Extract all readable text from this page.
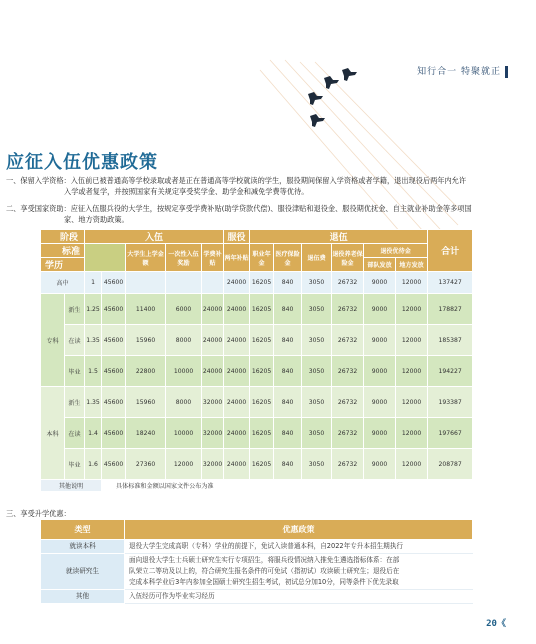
知行合一 特聚就正
应征入伍优惠政策
一、保留入学资格：入伍前已被普通高等学校录取或者是正在普通高等学校就读的学生，服役期间保留入学资格或者学籍，退出现役后两年内允许
入学或者复学，并按照国家有关规定享受奖学金、助学金和减免学费等优待。
二、享受国家资助：应征入伍服兵役的大学生，按规定享受学费补贴(助学贷款代偿)、服役津贴和退役金、服役期优抚金、自主就业补助金等多项国
家、地方资助政策。
阶段		入伍					服役	退伍						合计
标准				大学生上学金额	一次性入伍奖励	学费补贴	两年补贴	职业年金	医疗保险金	退伍费	退役养老保险金	退役优待金		
学历												部队发放	地方发放	
高中		1	45600				24000	16205	840	3050	26732	9000	12000	137427
专科	新生	1.25	45600	11400	6000	24000	24000	16205	840	3050	26732	9000	12000	178827
	在读	1.35	45600	15960	8000	24000	24000	16205	840	3050	26732	9000	12000	185387
	毕业	1.5	45600	22800	10000	24000	24000	16205	840	3050	26732	9000	12000	194227
本科	新生	1.35	45600	15960	8000	32000	24000	16205	840	3050	26732	9000	12000	193387
	在读	1.4	45600	18240	10000	32000	24000	16205	840	3050	26732	9000	12000	197667
	毕业	1.6	45600	27360	12000	32000	24000	16205	840	3050	26732	9000	12000	208787
其他说明			具体标准和金额以国家文件公布为准											
三、享受升学优惠：
类型	优惠政策
就读本科	退役大学生完成高职（专科）学业的前提下，免试入读普通本科，自2022年专升本招生期执行
就读研究生	面向退役大学生士兵硕士研究生实行专项招生，将服兵役情况纳入推免生遴选指标体系：在部
队荣立二等功及以上的，符合研究生报名条件的可免试（指初试）攻读硕士研究生；退役后在
完成本科学业后3年内参加全国硕士研究生招生考试，初试总分加10分，同等条件下优先录取

其他	入伍经历可作为毕业实习经历
20《
